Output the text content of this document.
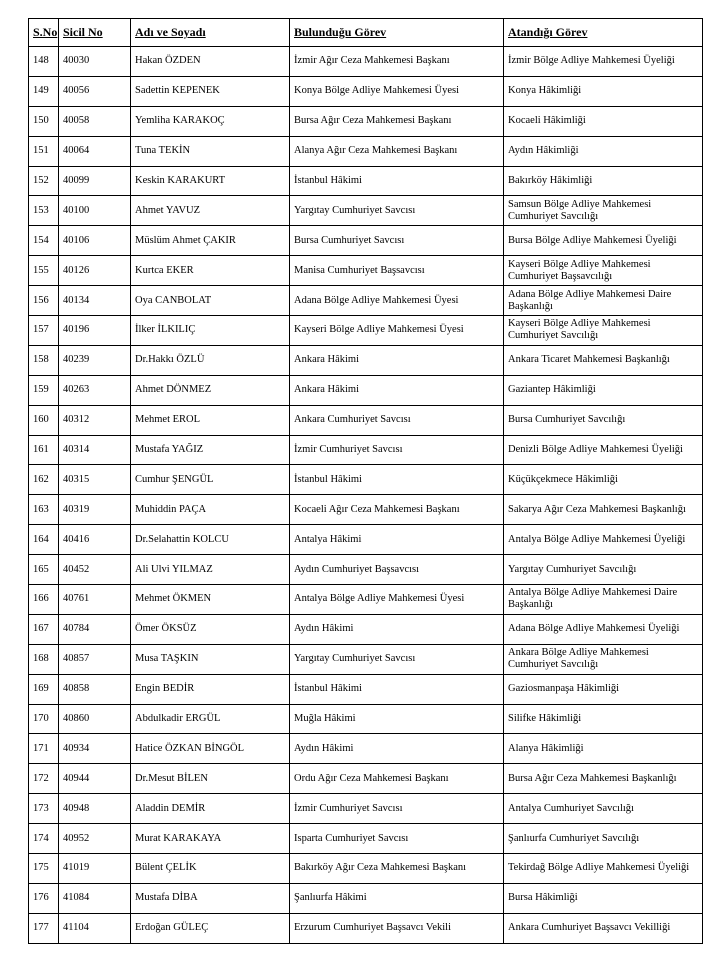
S.No	Sicil No	Adı ve Soyadı	Bulunduğu Görev	Atandığı Görev
148	40030	Hakan ÖZDEN	İzmir Ağır Ceza Mahkemesi Başkanı	İzmir Bölge Adliye Mahkemesi Üyeliği
149	40056	Sadettin KEPENEK	Konya Bölge Adliye Mahkemesi Üyesi	Konya Hâkimliği
150	40058	Yemliha KARAKOÇ	Bursa Ağır Ceza Mahkemesi Başkanı	Kocaeli Hâkimliği
151	40064	Tuna TEKİN	Alanya Ağır Ceza Mahkemesi Başkanı	Aydın Hâkimliği
152	40099	Keskin KARAKURT	İstanbul Hâkimi	Bakırköy Hâkimliği
153	40100	Ahmet YAVUZ	Yargıtay Cumhuriyet Savcısı	Samsun Bölge Adliye Mahkemesi Cumhuriyet Savcılığı
154	40106	Müslüm Ahmet ÇAKIR	Bursa Cumhuriyet Savcısı	Bursa Bölge Adliye Mahkemesi Üyeliği
155	40126	Kurtca EKER	Manisa Cumhuriyet Başsavcısı	Kayseri Bölge Adliye Mahkemesi Cumhuriyet Başsavcılığı
156	40134	Oya CANBOLAT	Adana Bölge Adliye Mahkemesi Üyesi	Adana Bölge Adliye Mahkemesi Daire Başkanlığı
157	40196	İlker İLKILIÇ	Kayseri Bölge Adliye Mahkemesi Üyesi	Kayseri Bölge Adliye Mahkemesi Cumhuriyet Savcılığı
158	40239	Dr.Hakkı ÖZLÜ	Ankara Hâkimi	Ankara Ticaret Mahkemesi Başkanlığı
159	40263	Ahmet DÖNMEZ	Ankara Hâkimi	Gaziantep Hâkimliği
160	40312	Mehmet EROL	Ankara Cumhuriyet Savcısı	Bursa Cumhuriyet Savcılığı
161	40314	Mustafa YAĞIZ	İzmir Cumhuriyet Savcısı	Denizli Bölge Adliye Mahkemesi Üyeliği
162	40315	Cumhur ŞENGÜL	İstanbul Hâkimi	Küçükçekmece Hâkimliği
163	40319	Muhiddin PAÇA	Kocaeli Ağır Ceza Mahkemesi Başkanı	Sakarya Ağır Ceza Mahkemesi Başkanlığı
164	40416	Dr.Selahattin KOLCU	Antalya Hâkimi	Antalya Bölge Adliye Mahkemesi Üyeliği
165	40452	Ali Ulvi YILMAZ	Aydın Cumhuriyet Başsavcısı	Yargıtay Cumhuriyet Savcılığı
166	40761	Mehmet ÖKMEN	Antalya Bölge Adliye Mahkemesi Üyesi	Antalya Bölge Adliye Mahkemesi Daire Başkanlığı
167	40784	Ömer ÖKSÜZ	Aydın Hâkimi	Adana Bölge Adliye Mahkemesi Üyeliği
168	40857	Musa TAŞKIN	Yargıtay Cumhuriyet Savcısı	Ankara Bölge Adliye Mahkemesi Cumhuriyet Savcılığı
169	40858	Engin BEDİR	İstanbul Hâkimi	Gaziosmanpaşa Hâkimliği
170	40860	Abdulkadir ERGÜL	Muğla Hâkimi	Silifke Hâkimliği
171	40934	Hatice ÖZKAN BİNGÖL	Aydın Hâkimi	Alanya Hâkimliği
172	40944	Dr.Mesut BİLEN	Ordu Ağır Ceza Mahkemesi Başkanı	Bursa Ağır Ceza Mahkemesi Başkanlığı
173	40948	Aladdin DEMİR	İzmir Cumhuriyet Savcısı	Antalya Cumhuriyet Savcılığı
174	40952	Murat KARAKAYA	Isparta Cumhuriyet Savcısı	Şanlıurfa Cumhuriyet Savcılığı
175	41019	Bülent ÇELİK	Bakırköy Ağır Ceza Mahkemesi Başkanı	Tekirdağ Bölge Adliye Mahkemesi Üyeliği
176	41084	Mustafa DİBA	Şanlıurfa Hâkimi	Bursa Hâkimliği
177	41104	Erdoğan GÜLEÇ	Erzurum Cumhuriyet Başsavcı Vekili	Ankara Cumhuriyet Başsavcı Vekilliği
